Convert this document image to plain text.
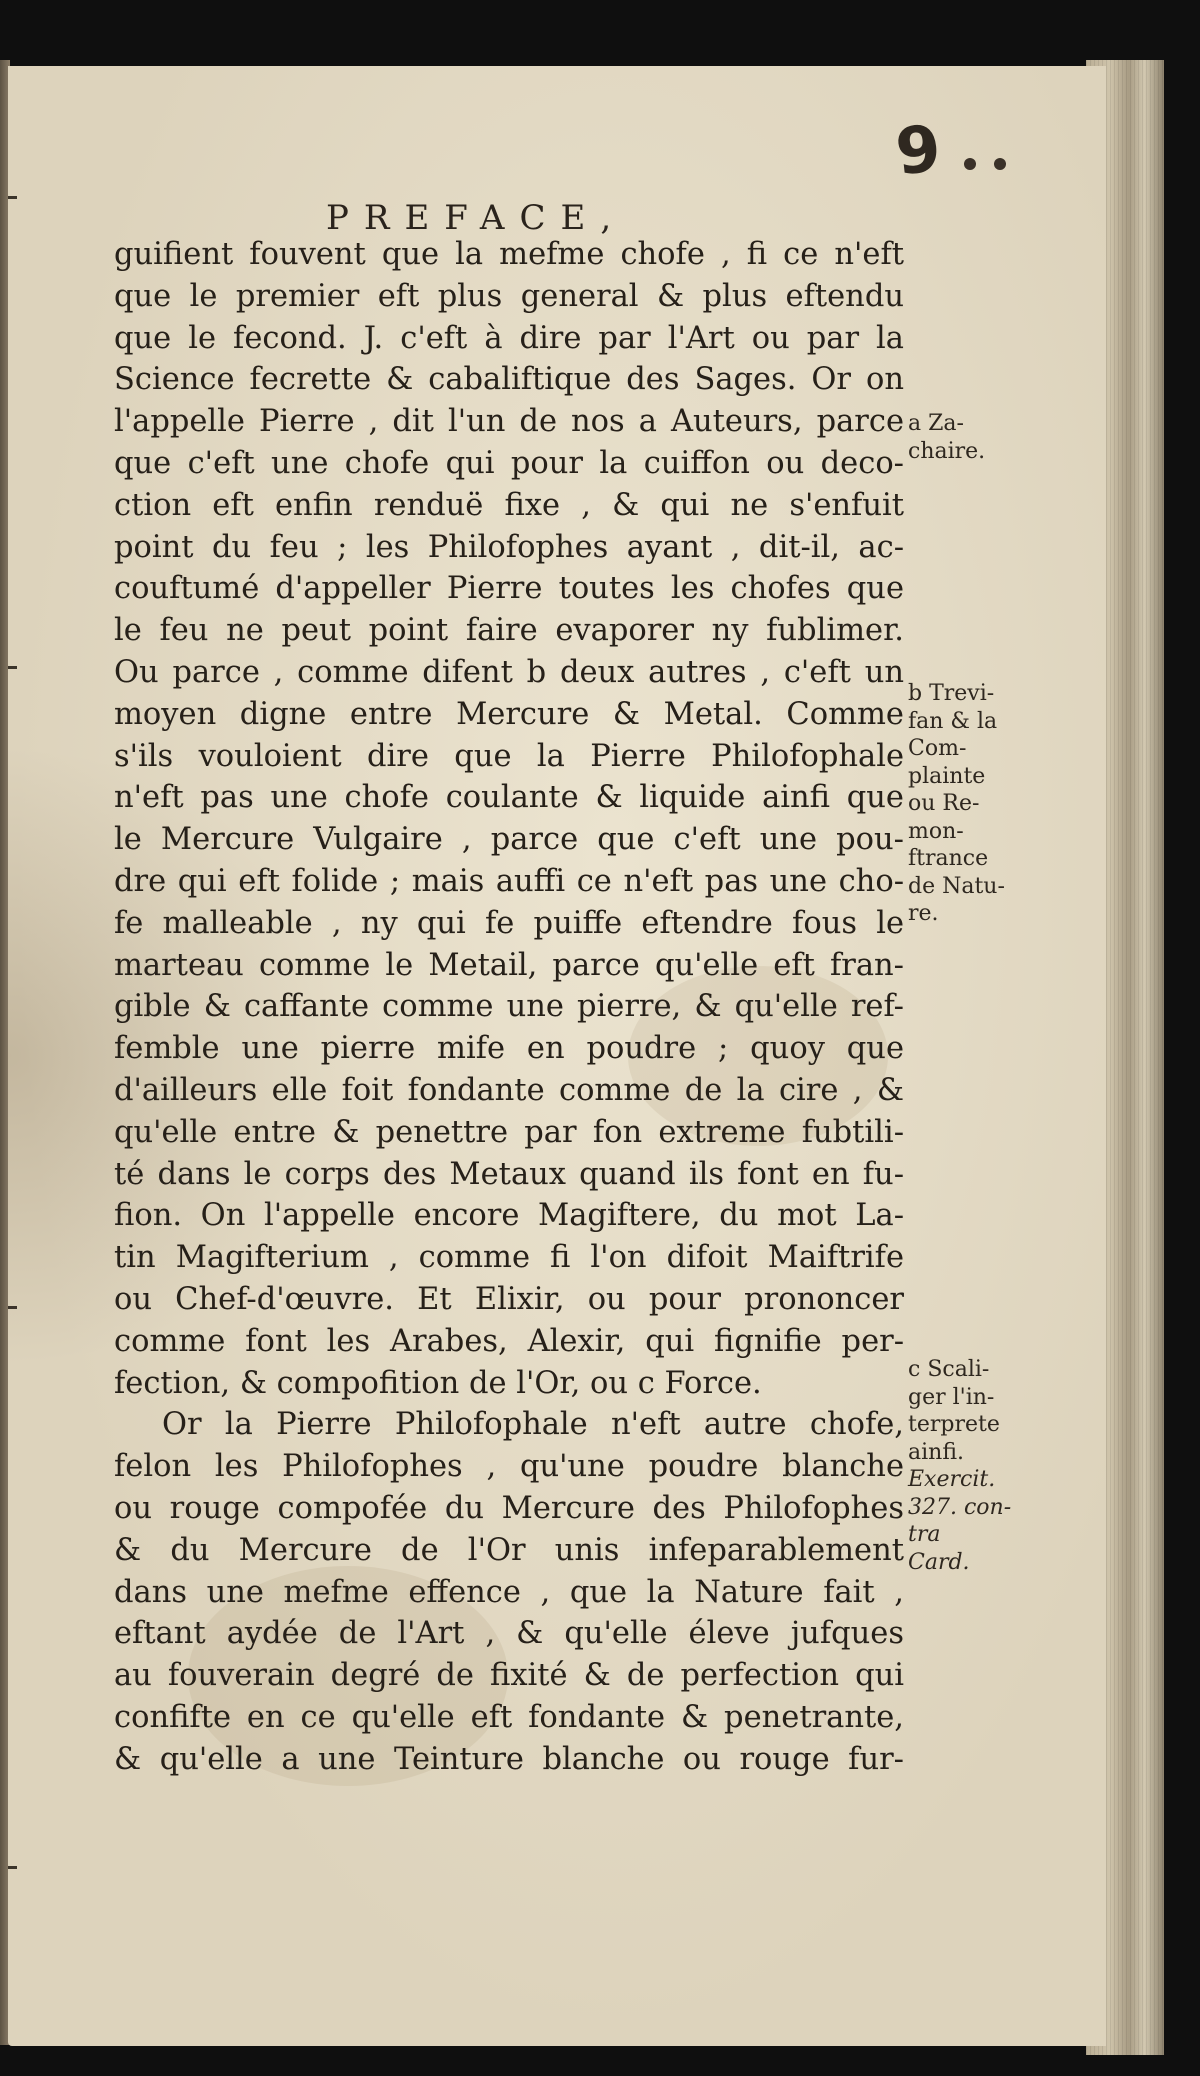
9
PREFACE,
guifient fouvent que la mefme chofe , fi ce n'eft
que le premier eft plus general & plus eftendu
que le fecond. J. c'eft à dire par l'Art ou par la
Science fecrette & cabaliftique des Sages. Or on
l'appelle Pierre , dit l'un de nos a Auteurs, parce
que c'eft une chofe qui pour la cuiffon ou deco-
ction eft enfin renduë fixe , & qui ne s'enfuit
point du feu ; les Philofophes ayant , dit-il, ac-
couftumé d'appeller Pierre toutes les chofes que
le feu ne peut point faire evaporer ny fublimer.
Ou parce , comme difent b deux autres , c'eft un
moyen digne entre Mercure & Metal. Comme
s'ils vouloient dire que la Pierre Philofophale
n'eft pas une chofe coulante & liquide ainfi que
le Mercure Vulgaire , parce que c'eft une pou-
dre qui eft folide ; mais auffi ce n'eft pas une cho-
fe malleable , ny qui fe puiffe eftendre fous le
marteau comme le Metail, parce qu'elle eft fran-
gible & caffante comme une pierre, & qu'elle ref-
femble une pierre mife en poudre ; quoy que
d'ailleurs elle foit fondante comme de la cire , &
qu'elle entre & penettre par fon extreme fubtili-
té dans le corps des Metaux quand ils font en fu-
fion. On l'appelle encore Magiftere, du mot La-
tin Magifterium , comme fi l'on difoit Maiftrife
ou Chef-d'œuvre. Et Elixir, ou pour prononcer
comme font les Arabes, Alexir, qui fignifie per-
fection, & compofition de l'Or, ou c Force.
Or la Pierre Philofophale n'eft autre chofe,
felon les Philofophes , qu'une poudre blanche
ou rouge compofée du Mercure des Philofophes
& du Mercure de l'Or unis infeparablement
dans une mefme effence , que la Nature fait ,
eftant aydée de l'Art , & qu'elle éleve jufques
au fouverain degré de fixité & de perfection qui
confifte en ce qu'elle eft fondante & penetrante,
& qu'elle a une Teinture blanche ou rouge fur-
a Za-
chaire.
b Trevi-
fan & la
Com-
plainte
ou Re-
mon-
ftrance
de Natu-
re.
c Scali-
ger l'in-
terprete
ainfi.
Exercit.
327. con-
tra
Card.
